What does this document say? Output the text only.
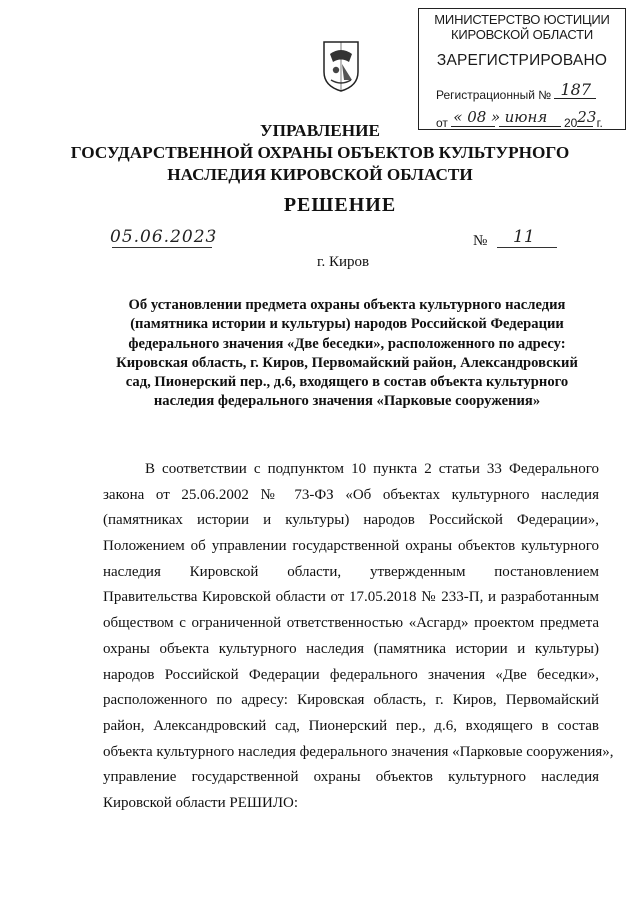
МИНИСТЕРСТВО ЮСТИЦИИ
КИРОВСКОЙ ОБЛАСТИ
ЗАРЕГИСТРИРОВАНО
Регистрационный № 187
от « 08 »
июня 20 23 г.
УПРАВЛЕНИЕ
ГОСУДАРСТВЕННОЙ ОХРАНЫ ОБЪЕКТОВ КУЛЬТУРНОГО
НАСЛЕДИЯ КИРОВСКОЙ ОБЛАСТИ
РЕШЕНИЕ
05.06.2023	№ 11
г. Киров
Об установлении предмета охраны объекта культурного наследия
(памятника истории и культуры) народов Российской Федерации
федерального значения «Две беседки», расположенного по адресу:
Кировская область, г. Киров, Первомайский район, Александровский
сад, Пионерский пер., д.6, входящего в состав объекта культурного
наследия федерального значения «Парковые сооружения»
В соответствии с подпунктом 10 пункта 2 статьи 33 Федерального
закона от 25.06.2002 № 73-ФЗ «Об объектах культурного наследия
(памятниках истории и культуры) народов Российской Федерации»,
Положением об управлении государственной охраны объектов культурного
наследия Кировской области, утвержденным постановлением
Правительства Кировской области от 17.05.2018 № 233-П, и разработанным
обществом с ограниченной ответственностью «Асгард» проектом предмета
охраны объекта культурного наследия (памятника истории и культуры)
народов Российской Федерации федерального значения «Две беседки»,
расположенного по адресу: Кировская область, г. Киров, Первомайский
район, Александровский сад, Пионерский пер., д.6, входящего в состав
объекта культурного наследия федерального значения «Парковые сооружения»,
управление государственной охраны объектов культурного наследия
Кировской области РЕШИЛО:
